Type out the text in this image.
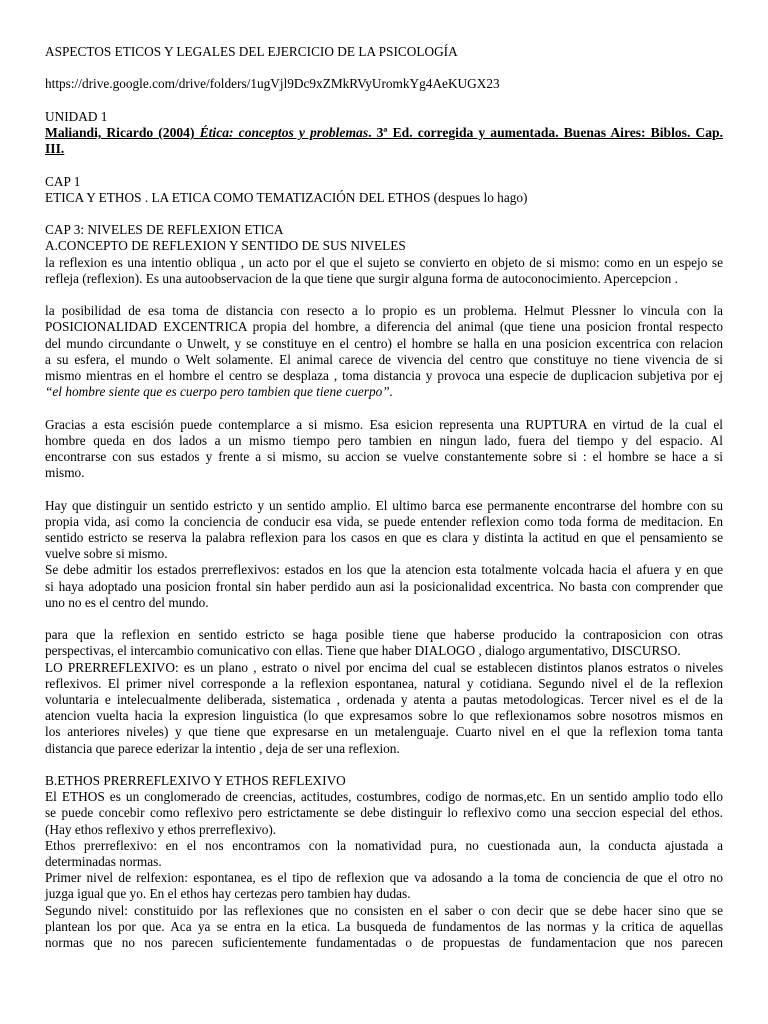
ASPECTOS ETICOS Y LEGALES DEL EJERCICIO DE LA PSICOLOGÍA
https://drive.google.com/drive/folders/1ugVjl9Dc9xZMkRVyUromkYg4AeKUGX23
UNIDAD 1
Maliandi, Ricardo (2004) Ética: conceptos y problemas. 3ª Ed. corregida y aumentada. Buenas Aires: Biblos. Cap.
III.
CAP 1
ETICA Y ETHOS . LA ETICA COMO TEMATIZACIÓN DEL ETHOS (despues lo hago)
CAP 3: NIVELES DE REFLEXION ETICA
A.CONCEPTO DE REFLEXION Y SENTIDO DE SUS NIVELES
la reflexion es una intentio obliqua , un acto por el que el sujeto se convierto en objeto de si mismo: como en un espejo se
refleja (reflexion). Es una autoobservacion de la que tiene que surgir alguna forma de autoconocimiento. Apercepcion .
la posibilidad de esa toma de distancia con resecto a lo propio es un problema. Helmut Plessner lo vincula con la
POSICIONALIDAD EXCENTRICA propia del hombre, a diferencia del animal (que tiene una posicion frontal respecto
del mundo circundante o Unwelt, y se constituye en el centro) el hombre se halla en una posicion excentrica con relacion
a su esfera, el mundo o Welt solamente. El animal carece de vivencia del centro que constituye no tiene vivencia de si
mismo mientras en el hombre el centro se desplaza , toma distancia y provoca una especie de duplicacion subjetiva por ej
“el hombre siente que es cuerpo pero tambien que tiene cuerpo”.
Gracias a esta escisión puede contemplarce a si mismo. Esa esicion representa una RUPTURA en virtud de la cual el
hombre queda en dos lados a un mismo tiempo pero tambien en ningun lado, fuera del tiempo y del espacio. Al
encontrarse con sus estados y frente a si mismo, su accion se vuelve constantemente sobre si : el hombre se hace a si
mismo.
Hay que distinguir un sentido estricto y un sentido amplio. El ultimo barca ese permanente encontrarse del hombre con su
propia vida, asi como la conciencia de conducir esa vida, se puede entender reflexion como toda forma de meditacion. En
sentido estricto se reserva la palabra reflexion para los casos en que es clara y distinta la actitud en que el pensamiento se
vuelve sobre si mismo.
Se debe admitir los estados prerreflexivos: estados en los que la atencion esta totalmente volcada hacia el afuera y en que
si haya adoptado una posicion frontal sin haber perdido aun asi la posicionalidad excentrica. No basta con comprender que
uno no es el centro del mundo.
para que la reflexion en sentido estricto se haga posible tiene que haberse producido la contraposicion con otras
perspectivas, el intercambio comunicativo con ellas. Tiene que haber DIALOGO , dialogo argumentativo, DISCURSO.
LO PRERREFLEXIVO: es un plano , estrato o nivel por encima del cual se establecen distintos planos estratos o niveles
reflexivos. El primer nivel corresponde a la reflexion espontanea, natural y cotidiana. Segundo nivel el de la reflexion
voluntaria e intelecualmente deliberada, sistematica , ordenada y atenta a pautas metodologicas. Tercer nivel es el de la
atencion vuelta hacia la expresion linguistica (lo que expresamos sobre lo que reflexionamos sobre nosotros mismos en
los anteriores niveles) y que tiene que expresarse en un metalenguaje. Cuarto nivel en el que la reflexion toma tanta
distancia que parece ederizar la intentio , deja de ser una reflexion.
B.ETHOS PRERREFLEXIVO Y ETHOS REFLEXIVO
El ETHOS es un conglomerado de creencias, actitudes, costumbres, codigo de normas,etc. En un sentido amplio todo ello
se puede concebir como reflexivo pero estrictamente se debe distinguir lo reflexivo como una seccion especial del ethos.
(Hay ethos reflexivo y ethos prerreflexivo).
Ethos prerreflexivo: en el nos encontramos con la nomatividad pura, no cuestionada aun, la conducta ajustada a
determinadas normas.
Primer nivel de relfexion: espontanea, es el tipo de reflexion que va adosando a la toma de conciencia de que el otro no
juzga igual que yo. En el ethos hay certezas pero tambien hay dudas.
Segundo nivel: constituido por las reflexiones que no consisten en el saber o con decir que se debe hacer sino que se
plantean los por que. Aca ya se entra en la etica. La busqueda de fundamentos de las normas y la critica de aquellas
normas que no nos parecen suficientemente fundamentadas o de propuestas de fundamentacion que nos parecen
